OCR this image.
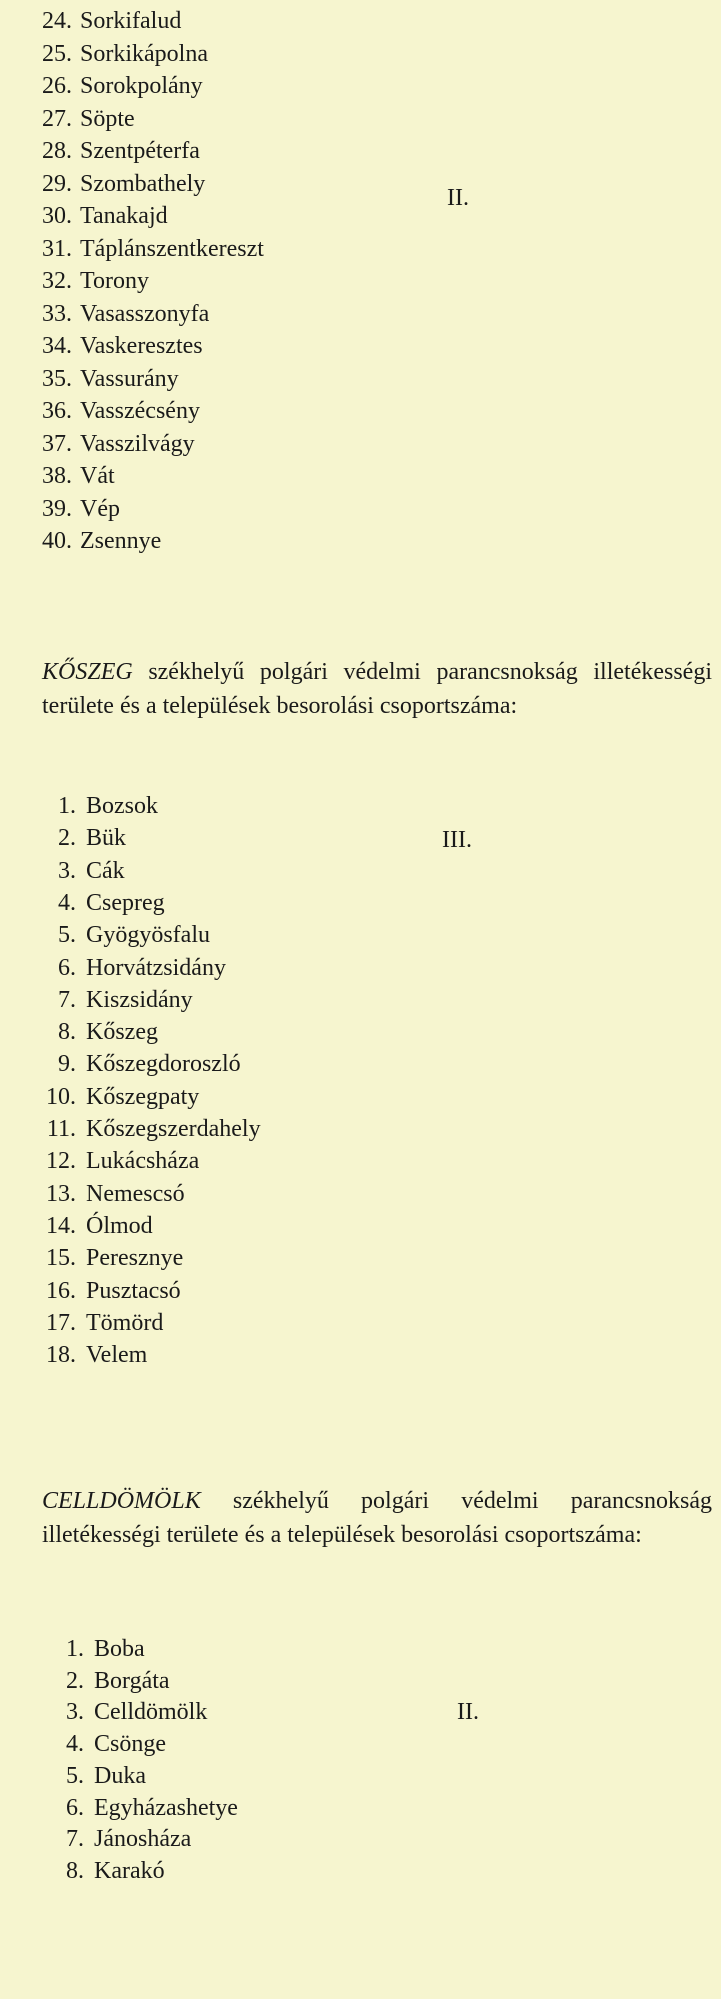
24. Sorkifalud
25. Sorkikápolna
26. Sorokpolány
27. Söpte
28. Szentpéterfa
29. Szombathely
30. Tanakajd
31. Táplánszentkereszt
32. Torony
33. Vasasszonyfa
34. Vaskeresztes
35. Vassurány
36. Vasszécsény
37. Vasszilvágy
38. Vát
39. Vép
40. Zsennye
II.
KŐSZEG székhelyű polgári védelmi parancsnokság illetékességi területe és a települések besorolási csoportszáma:
1. Bozsok
2. Bük
3. Cák
4. Csepreg
5. Gyögyösfalu
6. Horvátzsidány
7. Kiszsidány
8. Kőszeg
9. Kőszegdoroszló
10. Kőszegpaty
11. Kőszegszerdahely
12. Lukácsháza
13. Nemescsó
14. Ólmod
15. Peresznye
16. Pusztacsó
17. Tömörd
18. Velem
III.
CELLDÖMÖLK székhelyű polgári védelmi parancsnokság illetékességi területe és a települések besorolási csoportszáma:
1. Boba
2. Borgáta
3. Celldömölk
4. Csönge
5. Duka
6. Egyházashetye
7. Jánosháza
8. Karakó
II.
